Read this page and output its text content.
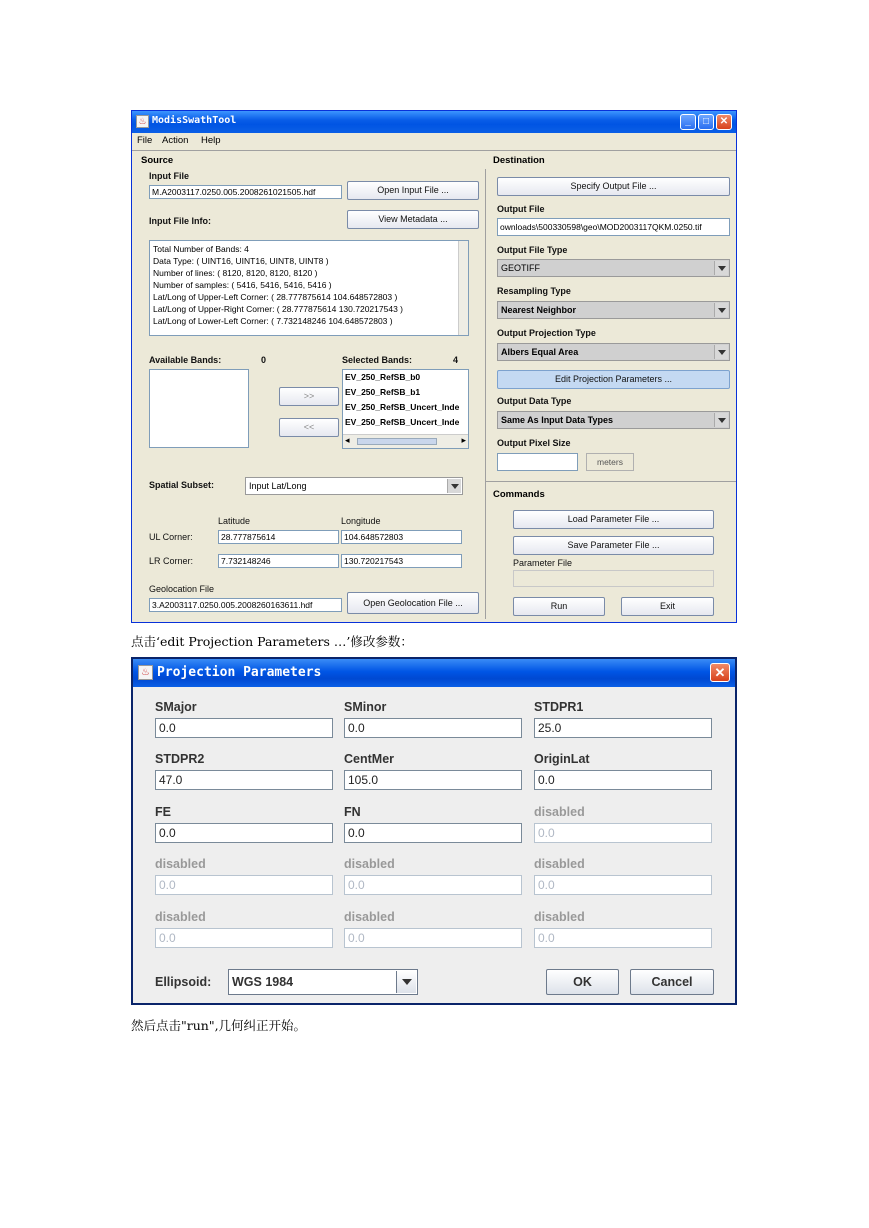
♨ ModisSwathTool	_	□	✕
File Action Help
Source
Input File
M.A2003117.0250.005.2008261021505.hdf	Open Input File ...
Input File Info:	View Metadata ...
Total Number of Bands: 4
Data Type: ( UINT16, UINT16, UINT8, UINT8 )
Number of lines: ( 8120, 8120, 8120, 8120 )
Number of samples: ( 5416, 5416, 5416, 5416 )
Lat/Long of Upper-Left Corner: ( 28.777875614 104.648572803 )
Lat/Long of Upper-Right Corner: ( 28.777875614 130.720217543 )
Lat/Long of Lower-Left Corner: ( 7.732148246 104.648572803 )
Available Bands:	0	Selected Bands:	4
>>
<<
EV_250_RefSB_b0
EV_250_RefSB_b1
EV_250_RefSB_Uncert_Inde
EV_250_RefSB_Uncert_Inde
◂	▸
Spatial Subset:	Input Lat/Long
Latitude	Longitude
UL Corner:	28.777875614	104.648572803
LR Corner:	7.732148246	130.720217543
Geolocation File
3.A2003117.0250.005.2008260163611.hdf	Open Geolocation File ...
Destination
Specify Output File ...
Output File
ownloads\500330598\geo\MOD2003117QKM.0250.tif
Output File Type
GEOTIFF
Resampling Type
Nearest Neighbor
Output Projection Type
Albers Equal Area
Edit Projection Parameters ...
Output Data Type
Same As Input Data Types
Output Pixel Size
meters
Commands
Load Parameter File ...
Save Parameter File ...
Parameter File
Run	Exit
点击‘edit Projection Parameters …’修改参数：
♨ Projection Parameters	✕
SMajor
0.0
SMinor
0.0
STDPR1
25.0
STDPR2
47.0
CentMer
105.0
OriginLat
0.0
FE
0.0
FN
0.0
disabled
0.0
disabled
0.0
disabled
0.0
disabled
0.0
disabled
0.0
disabled
0.0
disabled
0.0
Ellipsoid:	WGS 1984	OK	Cancel
然后点击"run",几何纠正开始。
